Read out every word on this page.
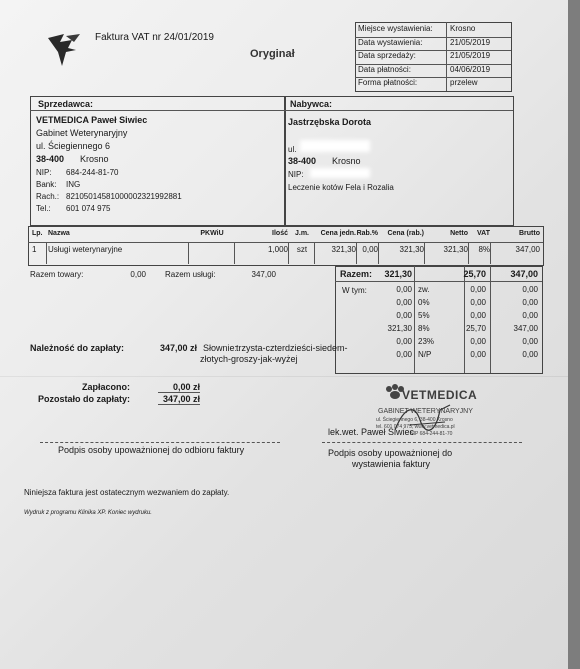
Faktura VAT nr 24/01/2019
Oryginał
Miejsce wystawienia: Krosno
Data wystawienia:	21/05/2019
Data sprzedaży:	21/05/2019
Data płatności:	04/06/2019
Forma płatności:	przelew
Sprzedawca:
VETMEDICA Paweł Siwiec
Gabinet Weterynaryjny
ul. Ściegiennego 6
38-400 Krosno
NIP: 684-244-81-70
Bank: ING
Rach.: 82105014581000002321992881
Tel.: 601 074 975
Nabywca:
Jastrzębska Dorota
ul.
38-400 Krosno
NIP:
Leczenie kotów Fela i Rozalia
Lp. Nazwa	PKWiU	Ilość J.m.	Cena jedn. Rab.%	Cena (rab.)	Netto	VAT	Brutto
1	Usługi weterynaryjne	1,000	szt	321,30 0,00	321,30	321,30	8%	347,00
Razem towary:	0,00 Razem usługi:	347,00	Razem:	321,30	25,70	347,00
W tym:	0,00 zw.	0,00	0,00
0,00 0%	0,00	0,00
0,00 5%	0,00	0,00
321,30 8%	25,70	347,00
0,00 23%	0,00	0,00
0,00 N/P	0,00	0,00
Należność do zapłaty:	347,00 zł Słownie:
trzysta-czterdzieści-siedem-
złotych-groszy-jak-wyżej
Zapłacono:	0,00 zł
Pozostało do zapłaty:	347,00 zł	VETMEDICA
GABINET WETERYNARYJNY
ul. Ściegiennego 6, 38-400 Krosno
tel. 601 074 975, www.vetmedica.pl
NIP 684-244-81-70
Podpis osoby upoważnionej do odbioru faktury
lek.wet. Paweł Siwiec
Podpis osoby upoważnionej do
wystawienia faktury
Niniejsza faktura jest ostatecznym wezwaniem do zapłaty.
Wydruk z programu Klinika XP. Koniec wydruku.
